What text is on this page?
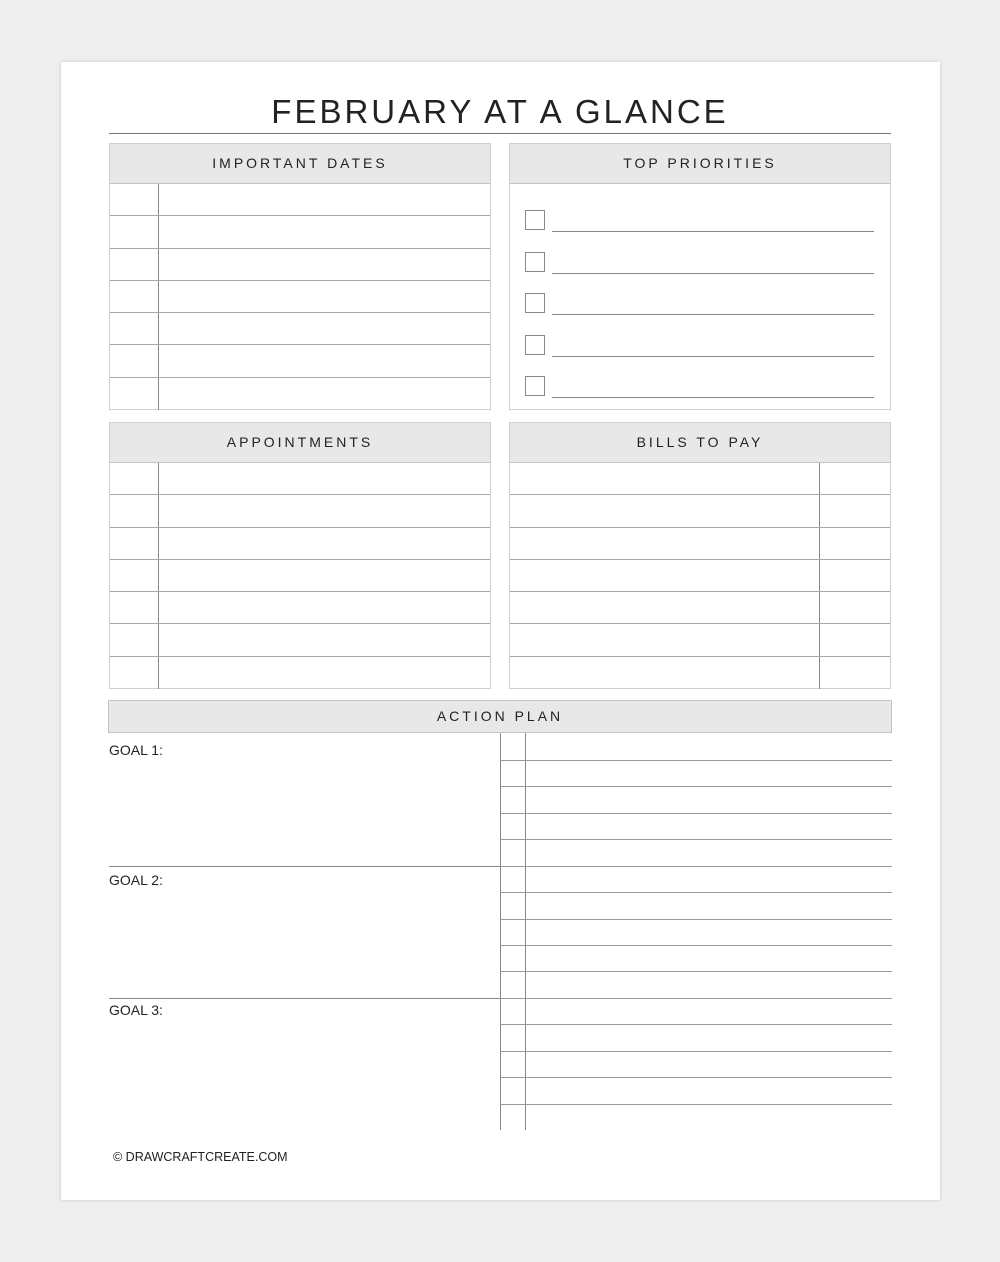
FEBRUARY AT A GLANCE
IMPORTANT DATES	TOP PRIORITIES
APPOINTMENTS	BILLS TO PAY
ACTION PLAN
GOAL 1:
GOAL 2:
GOAL 3:
© DRAWCRAFTCREATE.COM
